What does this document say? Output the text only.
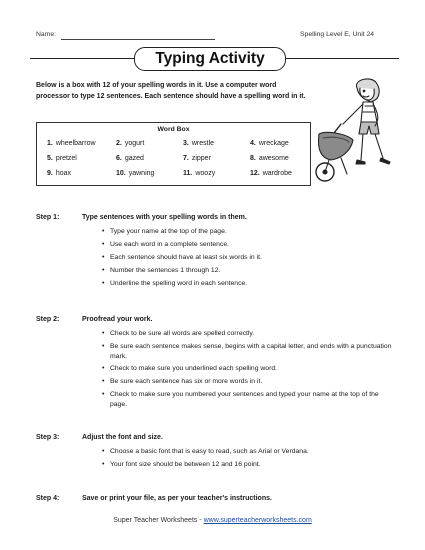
Name:	Spelling Level E, Unit 24
Typing Activity
Below is a box with 12 of your spelling words in it. Use a computer word processor to type 12 sentences. Each sentence should have a spelling word in it.
Word Box
1. wheelbarrow	2. yogurt	3. wrestle	4. wreckage
5. pretzel	6. gazed	7. zipper	8. awesome
9. hoax	10. yawning	11. woozy	12. wardrobe
Step 1:	Type sentences with your spelling words in them.
• Type your name at the top of the page.
• Use each word in a complete sentence.
• Each sentence should have at least six words in it.
• Number the sentences 1 through 12.
• Underline the spelling word in each sentence.
Step 2:	Proofread your work.
• Check to be sure all words are spelled correctly.
• Be sure each sentence makes sense, begins with a capital letter, and ends with a punctuation mark.
• Check to make sure you underlined each spelling word.
• Be sure each sentence has six or more words in it.
• Check to make sure you numbered your sentences and typed your name at the top of the page.
Step 3:	Adjust the font and size.
• Choose a basic font that is easy to read, such as Arial or Verdana.
• Your font size should be between 12 and 16 point.
Step 4:	Save or print your file, as per your teacher's instructions.
Super Teacher Worksheets - www.superteacherworksheets.com
